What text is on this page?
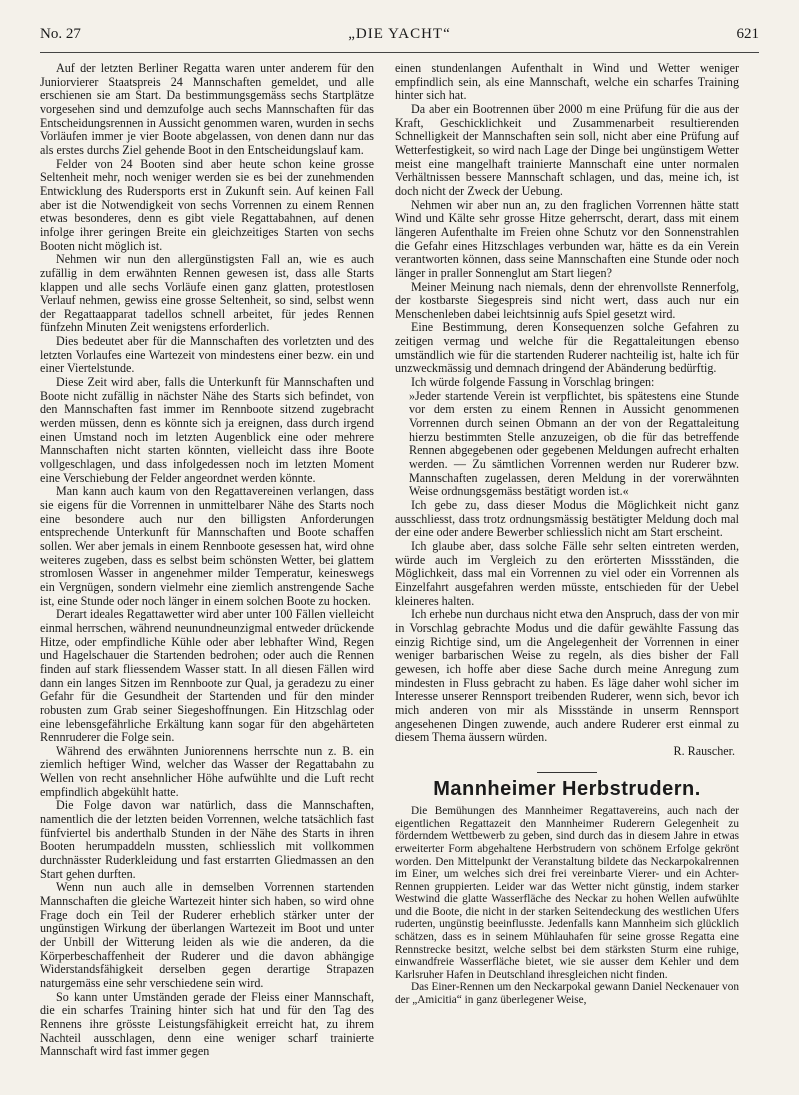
No. 27	„DIE YACHT“	621

Auf der letzten Berliner Regatta waren unter anderem für den Juniorvierer Staatspreis 24 Mannschaften gemeldet, und alle erschienen sie am Start. Da bestimmungsgemäss sechs Startplätze vorgesehen sind und demzufolge auch sechs Mannschaften für das Entscheidungsrennen in Aussicht genommen waren, wurden in sechs Vorläufen immer je vier Boote abgelassen, von denen dann nur das als erstes durchs Ziel gehende Boot in den Entscheidungslauf kam.

Felder von 24 Booten sind aber heute schon keine grosse Seltenheit mehr, noch weniger werden sie es bei der zunehmenden Entwicklung des Rudersports erst in Zukunft sein. Auf keinen Fall aber ist die Notwendigkeit von sechs Vorrennen zu einem Rennen etwas besonderes, denn es gibt viele Regattabahnen, auf denen infolge ihrer geringen Breite ein gleichzeitiges Starten von sechs Booten nicht möglich ist.

Nehmen wir nun den allergünstigsten Fall an, wie es auch zufällig in dem erwähnten Rennen gewesen ist, dass alle Starts klappen und alle sechs Vorläufe einen ganz glatten, protestlosen Verlauf nehmen, gewiss eine grosse Seltenheit, so sind, selbst wenn der Regattaapparat tadellos schnell arbeitet, für jedes Rennen fünfzehn Minuten Zeit wenigstens erforderlich.

Dies bedeutet aber für die Mannschaften des vorletzten und des letzten Vorlaufes eine Wartezeit von mindestens einer bezw. ein und einer Viertelstunde.

Diese Zeit wird aber, falls die Unterkunft für Mannschaften und Boote nicht zufällig in nächster Nähe des Starts sich befindet, von den Mannschaften fast immer im Rennboote sitzend zugebracht werden müssen, denn es könnte sich ja ereignen, dass durch irgend einen Umstand noch im letzten Augenblick eine oder mehrere Mannschaften nicht starten könnten, vielleicht dass ihre Boote vollgeschlagen, und dass infolgedessen noch im letzten Moment eine Verschiebung der Felder angeordnet werden könnte.

Man kann auch kaum von den Regattavereinen verlangen, dass sie eigens für die Vorrennen in unmittelbarer Nähe des Starts noch eine besondere auch nur den billigsten Anforderungen entsprechende Unterkunft für Mannschaften und Boote schaffen sollen. Wer aber jemals in einem Rennboote gesessen hat, wird ohne weiteres zugeben, dass es selbst beim schönsten Wetter, bei glattem stromlosen Wasser in angenehmer milder Temperatur, keineswegs ein Vergnügen, sondern vielmehr eine ziemlich anstrengende Sache ist, eine Stunde oder noch länger in einem solchen Boote zu hocken.

Derart ideales Regattawetter wird aber unter 100 Fällen vielleicht einmal herrschen, während neunundneunzigmal entweder drückende Hitze, oder empfindliche Kühle oder aber lebhafter Wind, Regen und Hagelschauer die Startenden bedrohen; oder auch die Rennen finden auf stark fliessendem Wasser statt. In all diesen Fällen wird dann ein langes Sitzen im Rennboote zur Qual, ja geradezu zu einer Gefahr für die Gesundheit der Startenden und für den minder robusten zum Grab seiner Siegeshoffnungen. Ein Hitzschlag oder eine lebensgefährliche Erkältung kann sogar für den abgehärteten Rennruderer die Folge sein.

Während des erwähnten Juniorennens herrschte nun z. B. ein ziemlich heftiger Wind, welcher das Wasser der Regattabahn zu Wellen von recht ansehnlicher Höhe aufwühlte und die Luft recht empfindlich abgekühlt hatte.

Die Folge davon war natürlich, dass die Mannschaften, namentlich die der letzten beiden Vorrennen, welche tatsächlich fast fünfviertel bis anderthalb Stunden in der Nähe des Starts in ihren Booten herumpaddeln mussten, schliesslich mit vollkommen durchnässter Ruderkleidung und fast erstarrten Gliedmassen an den Start gehen durften.

Wenn nun auch alle in demselben Vorrennen startenden Mannschaften die gleiche Wartezeit hinter sich haben, so wird ohne Frage doch ein Teil der Ruderer erheblich stärker unter der ungünstigen Wirkung der überlangen Wartezeit im Boot und unter der Unbill der Witterung leiden als wie die anderen, da die Körperbeschaffenheit der Ruderer und die davon abhängige Widerstandsfähigkeit derselben gegen derartige Strapazen naturgemäss eine sehr verschiedene sein wird.

So kann unter Umständen gerade der Fleiss einer Mannschaft, die ein scharfes Training hinter sich hat und für den Tag des Rennens ihre grösste Leistungsfähigkeit erreicht hat, zu ihrem Nachteil ausschlagen, denn eine weniger scharf trainierte Mannschaft wird fast immer gegen

einen stundenlangen Aufenthalt in Wind und Wetter weniger empfindlich sein, als eine Mannschaft, welche ein scharfes Training hinter sich hat.

Da aber ein Bootrennen über 2000 m eine Prüfung für die aus der Kraft, Geschicklichkeit und Zusammenarbeit resultierenden Schnelligkeit der Mannschaften sein soll, nicht aber eine Prüfung auf Wetterfestigkeit, so wird nach Lage der Dinge bei ungünstigem Wetter meist eine mangelhaft trainierte Mannschaft eine unter normalen Verhältnissen bessere Mannschaft schlagen, und das, meine ich, ist doch nicht der Zweck der Uebung.

Nehmen wir aber nun an, zu den fraglichen Vorrennen hätte statt Wind und Kälte sehr grosse Hitze geherrscht, derart, dass mit einem längeren Aufenthalte im Freien ohne Schutz vor den Sonnenstrahlen die Gefahr eines Hitzschlages verbunden war, hätte es da ein Verein verantworten können, dass seine Mannschaften eine Stunde oder noch länger in praller Sonnenglut am Start liegen?

Meiner Meinung nach niemals, denn der ehrenvollste Rennerfolg, der kostbarste Siegespreis sind nicht wert, dass auch nur ein Menschenleben dabei leichtsinnig aufs Spiel gesetzt wird.

Eine Bestimmung, deren Konsequenzen solche Gefahren zu zeitigen vermag und welche für die Regattaleitungen ebenso umständlich wie für die startenden Ruderer nachteilig ist, halte ich für unzweckmässig und demnach dringend der Abänderung bedürftig.

Ich würde folgende Fassung in Vorschlag bringen:

»Jeder startende Verein ist verpflichtet, bis spätestens eine Stunde vor dem ersten zu einem Rennen in Aussicht genommenen Vorrennen durch seinen Obmann an der von der Regattaleitung hierzu bestimmten Stelle anzuzeigen, ob die für das betreffende Rennen abgegebenen oder gegebenen Meldungen aufrecht erhalten werden. — Zu sämtlichen Vorrennen werden nur Ruderer bzw. Mannschaften zugelassen, deren Meldung in der vorerwähnten Weise ordnungsgemäss bestätigt worden ist.«

Ich gebe zu, dass dieser Modus die Möglichkeit nicht ganz ausschliesst, dass trotz ordnungsmässig bestätigter Meldung doch mal der eine oder andere Bewerber schliesslich nicht am Start erscheint.

Ich glaube aber, dass solche Fälle sehr selten eintreten werden, würde auch im Vergleich zu den erörterten Missständen, die Möglichkeit, dass mal ein Vorrennen zu viel oder ein Vorrennen als Einzelfahrt ausgefahren werden müsste, entschieden für der Uebel kleineres halten.

Ich erhebe nun durchaus nicht etwa den Anspruch, dass der von mir in Vorschlag gebrachte Modus und die dafür gewählte Fassung das einzig Richtige sind, um die Angelegenheit der Vorrennen in einer weniger barbarischen Weise zu regeln, als dies bisher der Fall gewesen, ich hoffe aber diese Sache durch meine Anregung zum mindesten in Fluss gebracht zu haben. Es läge daher wohl sicher im Interesse unserer Rennsport treibenden Ruderer, wenn sich, bevor ich mich anderen von mir als Missstände in unserm Rennsport angesehenen Dingen zuwende, auch andere Ruderer erst einmal zu diesem Thema äussern würden.

R. Rauscher.
Mannheimer Herbstrudern.

Die Bemühungen des Mannheimer Regattavereins, auch nach der eigentlichen Regattazeit den Mannheimer Ruderern Gelegenheit zu förderndem Wettbewerb zu geben, sind durch das in diesem Jahre in etwas erweiterter Form abgehaltene Herbstrudern von schönem Erfolge gekrönt worden. Den Mittelpunkt der Veranstaltung bildete das Neckarpokalrennen im Einer, um welches sich drei frei vereinbarte Vierer- und ein Achter-Rennen gruppierten. Leider war das Wetter nicht günstig, indem starker Westwind die glatte Wasserfläche des Neckar zu hohen Wellen aufwühlte und die Boote, die nicht in der starken Seitendeckung des westlichen Ufers ruderten, ungünstig beeinflusste. Jedenfalls kann Mannheim sich glücklich schätzen, dass es in seinem Mühlauhafen für seine grosse Regatta eine Rennstrecke besitzt, welche selbst bei dem stärksten Sturm eine ruhige, einwandfreie Wasserfläche bietet, wie sie ausser dem Kehler und dem Karlsruher Hafen in Deutschland ihresgleichen nicht finden.

Das Einer-Rennen um den Neckarpokal gewann Daniel Neckenauer von der „Amicitia“ in ganz überlegener Weise,
